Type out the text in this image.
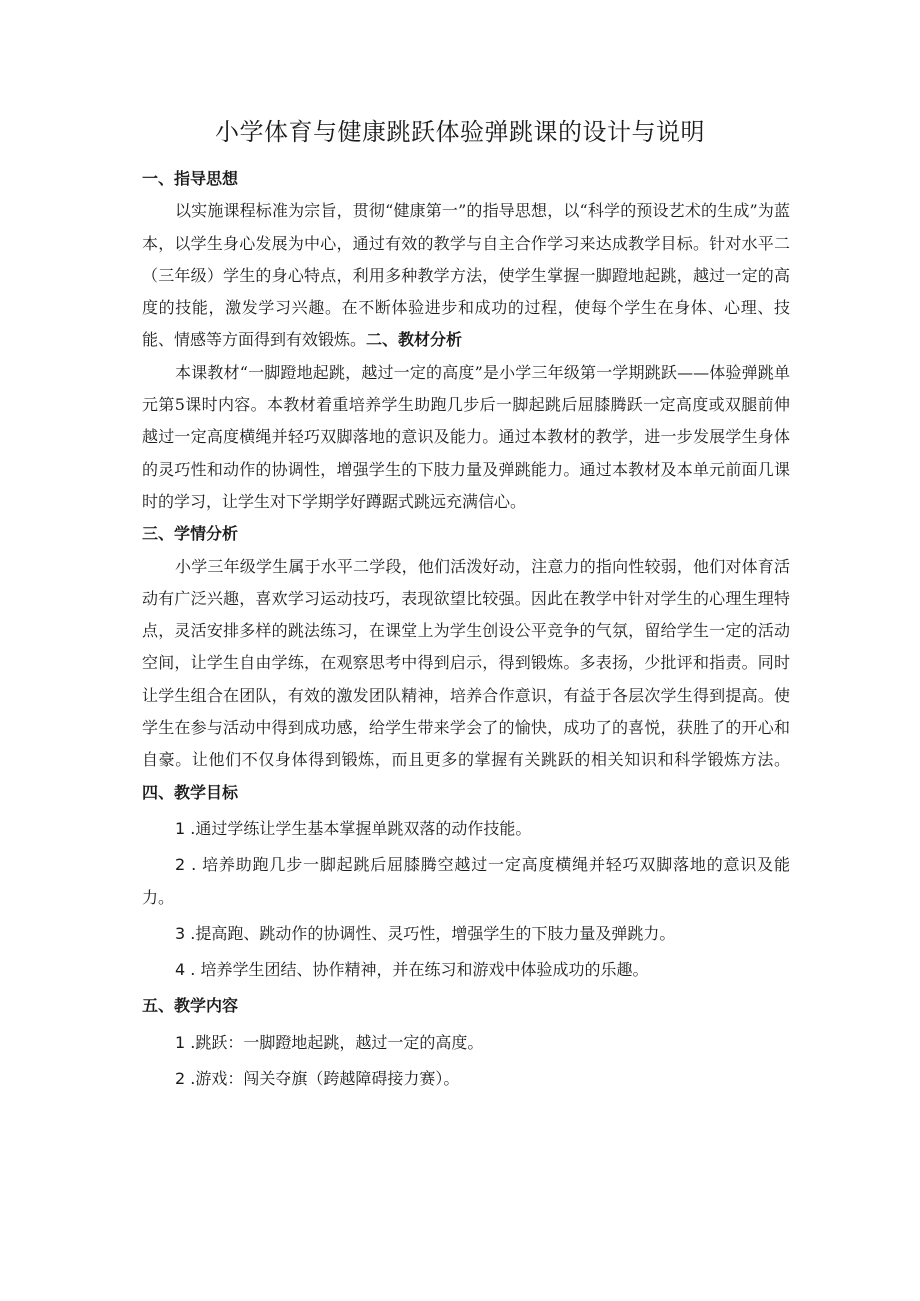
小学体育与健康跳跃体验弹跳课的设计与说明

一、指导思想

以实施课程标准为宗旨，贯彻“健康第一”的指导思想，以“科学的预设艺术的生成”为蓝本，以学生身心发展为中心，通过有效的教学与自主合作学习来达成教学目标。针对水平二（三年级）学生的身心特点，利用多种教学方法，使学生掌握一脚蹬地起跳，越过一定的高度的技能，激发学习兴趣。在不断体验进步和成功的过程，使每个学生在身体、心理、技能、情感等方面得到有效锻炼。二、教材分析

本课教材“一脚蹬地起跳，越过一定的高度”是小学三年级第一学期跳跃——体验弹跳单元第5课时内容。本教材着重培养学生助跑几步后一脚起跳后屈膝腾跃一定高度或双腿前伸越过一定高度横绳并轻巧双脚落地的意识及能力。通过本教材的教学，进一步发展学生身体的灵巧性和动作的协调性，增强学生的下肢力量及弹跳能力。通过本教材及本单元前面几课时的学习，让学生对下学期学好蹲踞式跳远充满信心。

三、学情分析

小学三年级学生属于水平二学段，他们活泼好动，注意力的指向性较弱，他们对体育活动有广泛兴趣，喜欢学习运动技巧，表现欲望比较强。因此在教学中针对学生的心理生理特点，灵活安排多样的跳法练习，在课堂上为学生创设公平竞争的气氛，留给学生一定的活动空间，让学生自由学练，在观察思考中得到启示，得到锻炼。多表扬，少批评和指责。同时让学生组合在团队，有效的激发团队精神，培养合作意识，有益于各层次学生得到提高。使学生在参与活动中得到成功感，给学生带来学会了的愉快，成功了的喜悦，获胜了的开心和自豪。让他们不仅身体得到锻炼，而且更多的掌握有关跳跃的相关知识和科学锻炼方法。四、教学目标

1 .通过学练让学生基本掌握单跳双落的动作技能。

2 . 培养助跑几步一脚起跳后屈膝腾空越过一定高度横绳并轻巧双脚落地的意识及能力。

3 .提高跑、跳动作的协调性、灵巧性，增强学生的下肢力量及弹跳力。

4 . 培养学生团结、协作精神，并在练习和游戏中体验成功的乐趣。

五、教学内容

1 .跳跃：一脚蹬地起跳，越过一定的高度。

2 .游戏：闯关夺旗（跨越障碍接力赛）。
